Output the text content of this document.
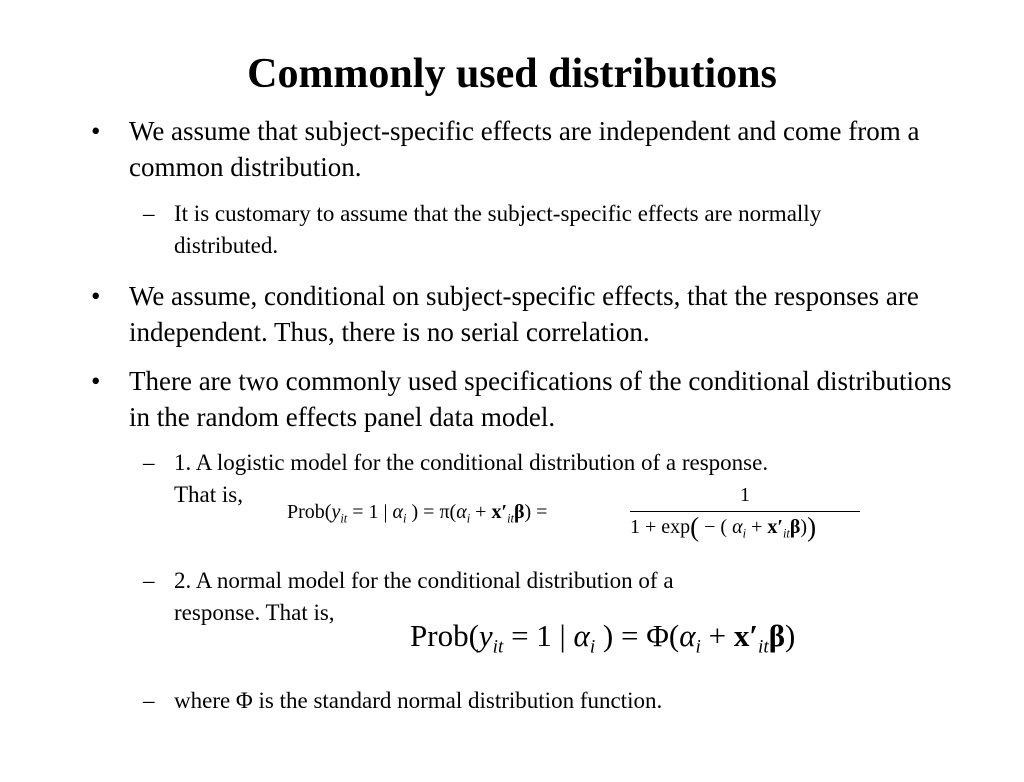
Commonly used distributions
• We assume that subject-specific effects are independent and come from a common distribution.
– It is customary to assume that the subject-specific effects are normally distributed.
• We assume, conditional on subject-specific effects, that the responses are independent. Thus, there is no serial correlation.
• There are two commonly used specifications of the conditional distributions in the random effects panel data model.
– 1. A logistic model for the conditional distribution of a response.
That is,
$Prob(y_{it} = 1$ | $\alpha_i$ ) = $\pi(\alpha_i + x'_{it}\beta)$ =
1
1 + exp( − ( $\alpha_i + x'_{it}\beta$))
– 2. A normal model for the conditional distribution of a
response. That is,
$Prob(y_{it} = 1$ | $\alpha_i$ ) = $\Phi(\alpha_i + x'_{it}\beta)$
– where Φ is the standard normal distribution function.
